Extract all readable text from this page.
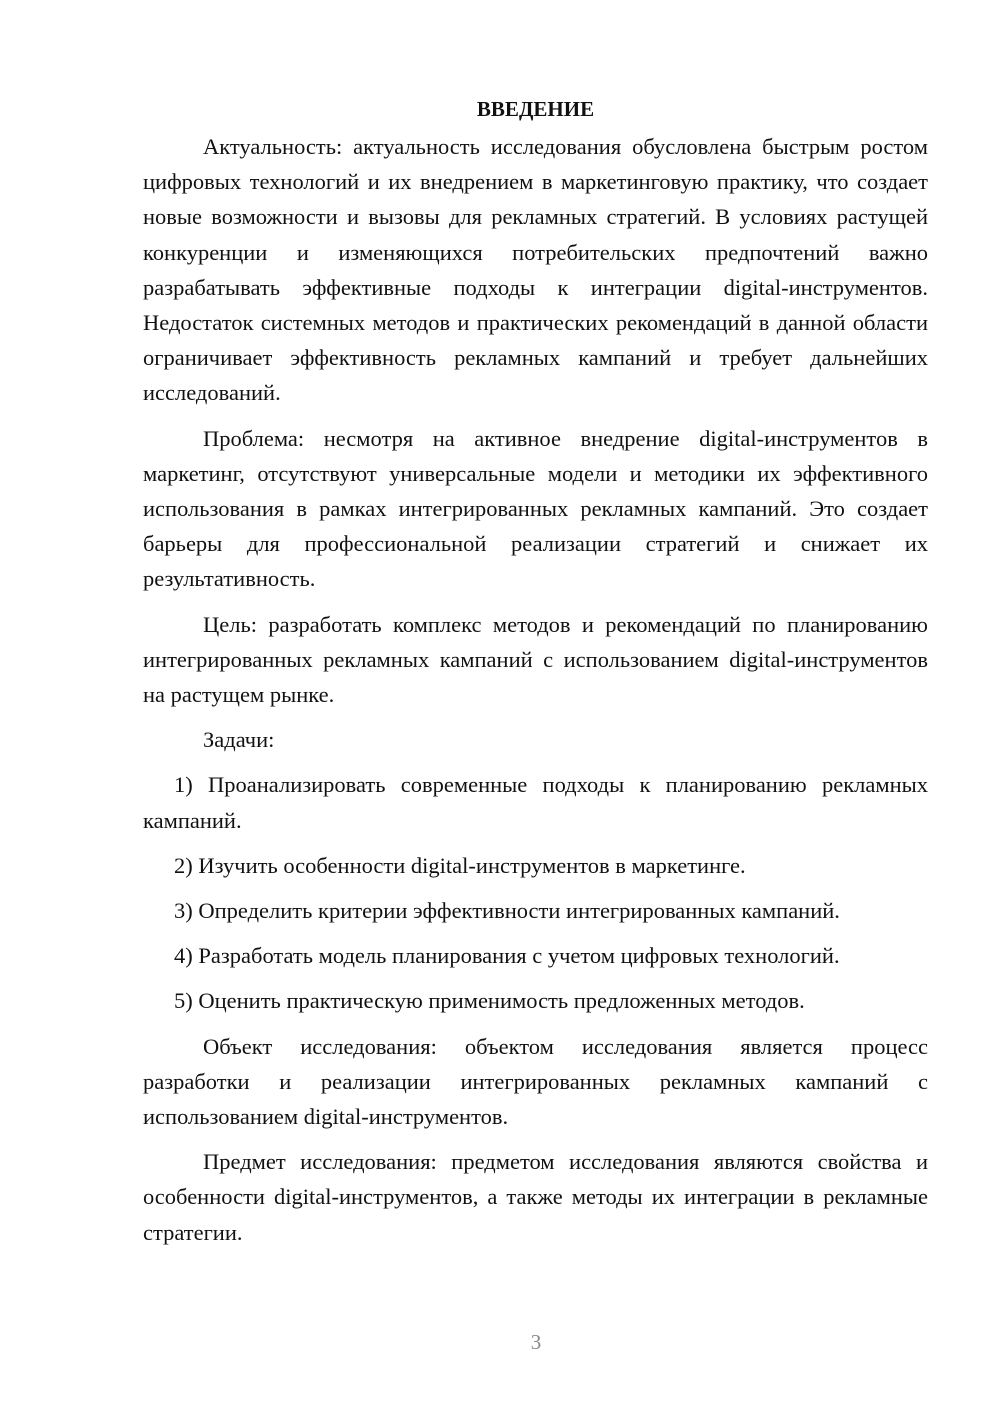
ВВЕДЕНИЕ

Актуальность: актуальность исследования обусловлена быстрым ростом цифровых технологий и их внедрением в маркетинговую практику, что создает новые возможности и вызовы для рекламных стратегий. В условиях растущей конкуренции и изменяющихся потребительских предпочтений важно разрабатывать эффективные подходы к интеграции digital-инструментов. Недостаток системных методов и практических рекомендаций в данной области ограничивает эффективность рекламных кампаний и требует дальнейших исследований.

Проблема: несмотря на активное внедрение digital-инструментов в маркетинг, отсутствуют универсальные модели и методики их эффективного использования в рамках интегрированных рекламных кампаний. Это создает барьеры для профессиональной реализации стратегий и снижает их результативность.

Цель: разработать комплекс методов и рекомендаций по планированию интегрированных рекламных кампаний с использованием digital-инструментов на растущем рынке.

Задачи:

1) Проанализировать современные подходы к планированию рекламных кампаний.

2) Изучить особенности digital-инструментов в маркетинге.

3) Определить критерии эффективности интегрированных кампаний.

4) Разработать модель планирования с учетом цифровых технологий.

5) Оценить практическую применимость предложенных методов.

Объект исследования: объектом исследования является процесс разработки и реализации интегрированных рекламных кампаний с использованием digital-инструментов.

Предмет исследования: предметом исследования являются свойства и особенности digital-инструментов, а также методы их интеграции в рекламные стратегии.

3
